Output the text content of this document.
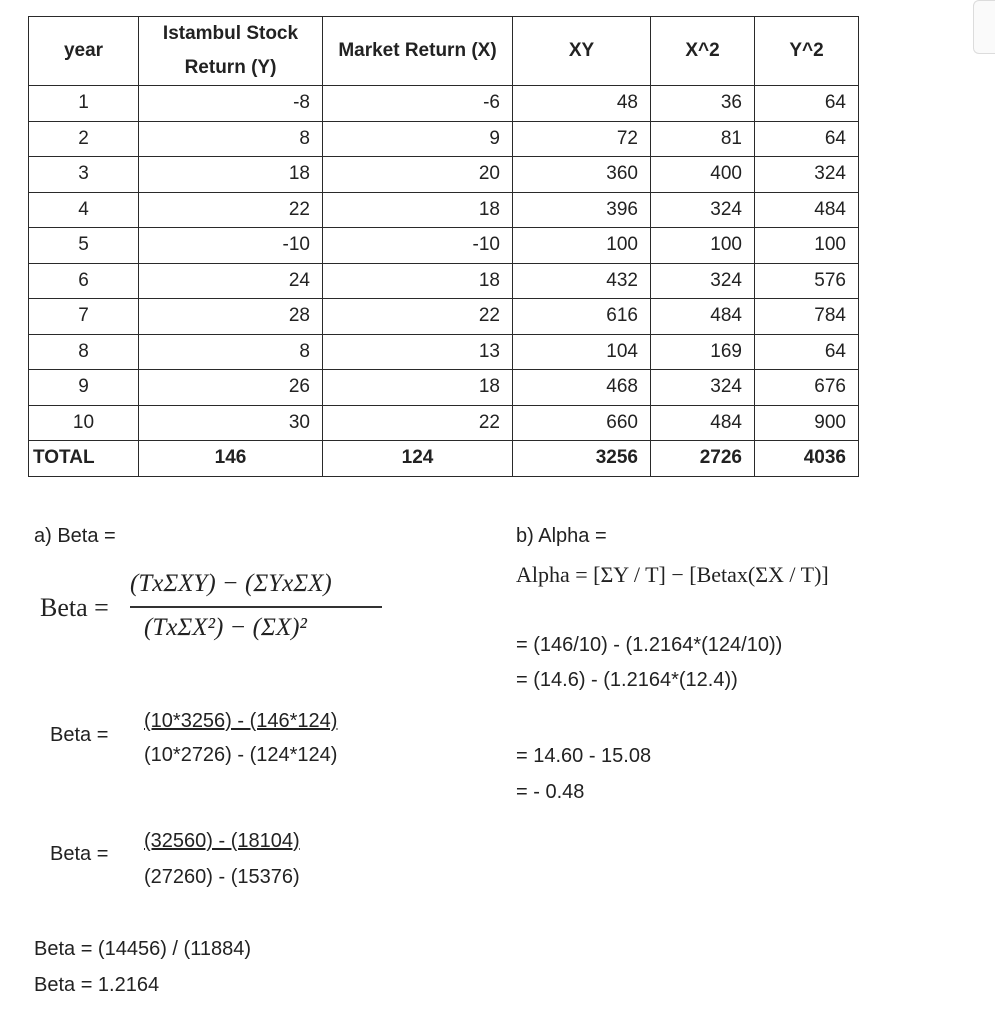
year	Istambul Stock Return (Y)	Market Return (X)	XY	X^2	Y^2
1	-8	-6	48	36	64
2	8	9	72	81	64
3	18	20	360	400	324
4	22	18	396	324	484
5	-10	-10	100	100	100
6	24	18	432	324	576
7	28	22	616	484	784
8	8	13	104	169	64
9	26	18	468	324	676
10	30	22	660	484	900
TOTAL	146	124	3256	2726	4036
a) Beta =
Beta =
(TxΣXY) − (ΣYxΣX)
(TxΣX²) − (ΣX)²
Beta =
(10*3256) - (146*124)
(10*2726) - (124*124)
Beta =
(32560) - (18104)
(27260) - (15376)
Beta = (14456) / (11884)
Beta = 1.2164
b) Alpha =
Alpha = [ΣY / T] − [Betax(ΣX / T)]
= (146/10) - (1.2164*(124/10))
= (14.6) - (1.2164*(12.4))
= 14.60 - 15.08
= - 0.48
